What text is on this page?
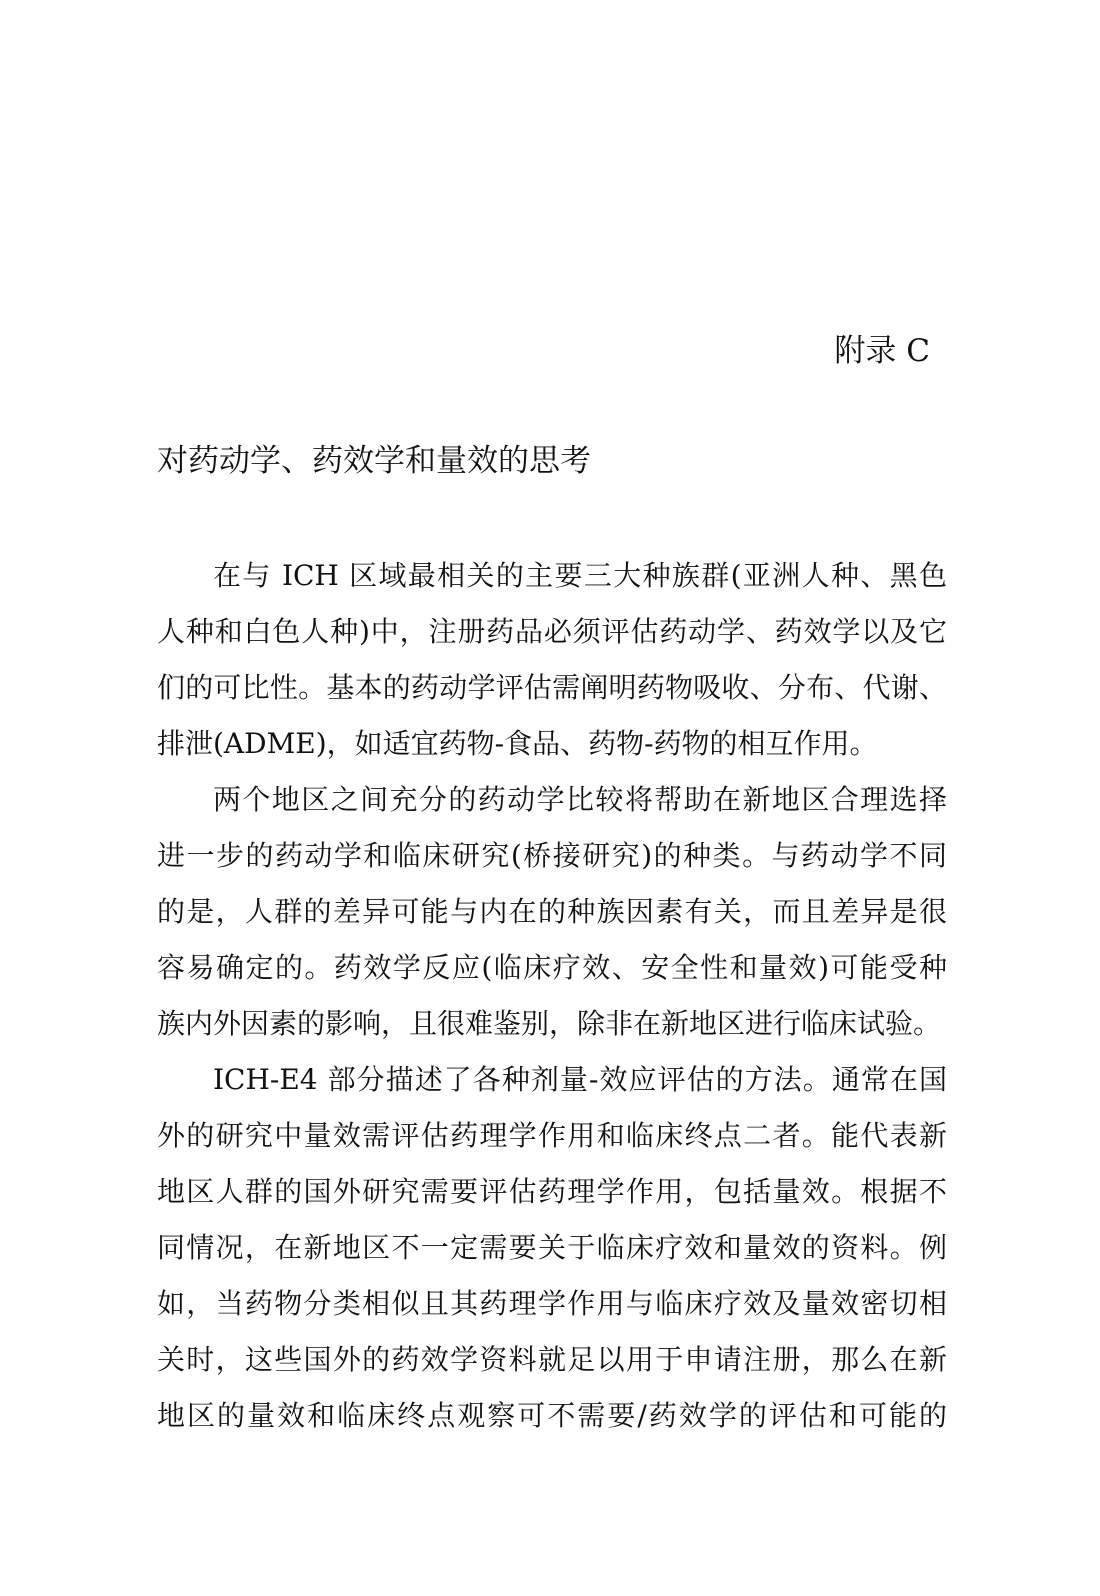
附录 C
对药动学、药效学和量效的思考
在与 ICH 区域最相关的主要三大种族群(亚洲人种、黑色
人种和白色人种)中，注册药品必须评估药动学、药效学以及它
们的可比性。基本的药动学评估需阐明药物吸收、分布、代谢、
排泄(ADME)，如适宜药物-食品、药物-药物的相互作用。
两个地区之间充分的药动学比较将帮助在新地区合理选择
进一步的药动学和临床研究(桥接研究)的种类。与药动学不同
的是，人群的差异可能与内在的种族因素有关，而且差异是很
容易确定的。药效学反应(临床疗效、安全性和量效)可能受种
族内外因素的影响，且很难鉴别，除非在新地区进行临床试验。
ICH-E4 部分描述了各种剂量-效应评估的方法。通常在国
外的研究中量效需评估药理学作用和临床终点二者。能代表新
地区人群的国外研究需要评估药理学作用，包括量效。根据不
同情况，在新地区不一定需要关于临床疗效和量效的资料。例
如，当药物分类相似且其药理学作用与临床疗效及量效密切相
关时，这些国外的药效学资料就足以用于申请注册，那么在新
地区的量效和临床终点观察可不需要/药效学的评估和可能的
